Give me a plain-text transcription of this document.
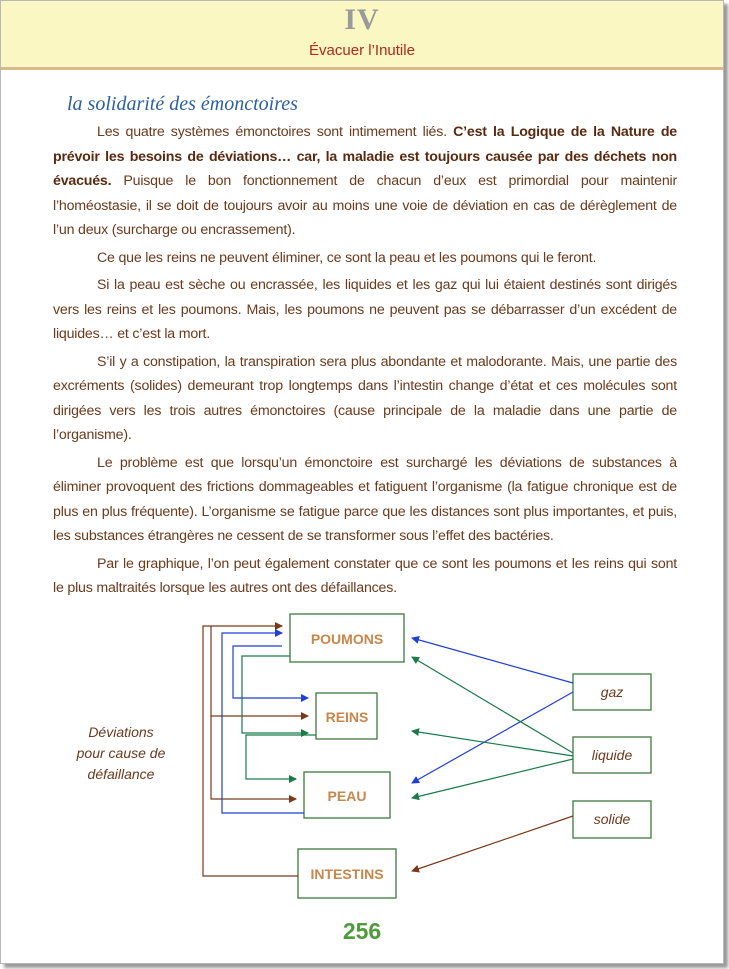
IV
Évacuer l’Inutile
la solidarité des émonctoires

Les quatre systèmes émonctoires sont intimement liés. C’est la Logique de la Nature de prévoir les besoins de déviations… car, la maladie est toujours causée par des déchets non évacués. Puisque le bon fonctionnement de chacun d’eux est primordial pour maintenir l’homéostasie, il se doit de toujours avoir au moins une voie de déviation en cas de dérèglement de l’un deux (surcharge ou encrassement).

Ce que les reins ne peuvent éliminer, ce sont la peau et les poumons qui le feront.

Si la peau est sèche ou encrassée, les liquides et les gaz qui lui étaient destinés sont dirigés vers les reins et les poumons. Mais, les poumons ne peuvent pas se débarrasser d’un excédent de liquides… et c’est la mort.

S’il y a constipation, la transpiration sera plus abondante et malodorante. Mais, une partie des excréments (solides) demeurant trop longtemps dans l’intestin change d’état et ces molécules sont dirigées vers les trois autres émonctoires (cause principale de la maladie dans une partie de l’organisme).

Le problème est que lorsqu’un émonctoire est surchargé les déviations de substances à éliminer provoquent des frictions dommageables et fatiguent l’organisme (la fatigue chronique est de plus en plus fréquente). L’organisme se fatigue parce que les distances sont plus importantes, et puis, les substances étrangères ne cessent de se transformer sous l’effet des bactéries.

Par le graphique, l’on peut également constater que ce sont les poumons et les reins qui sont le plus maltraités lorsque les autres ont des défaillances.

POUMONS
REINS
PEAU
INTESTINS
gaz
liquide
solide
Déviations
pour cause de
défaillance
256
